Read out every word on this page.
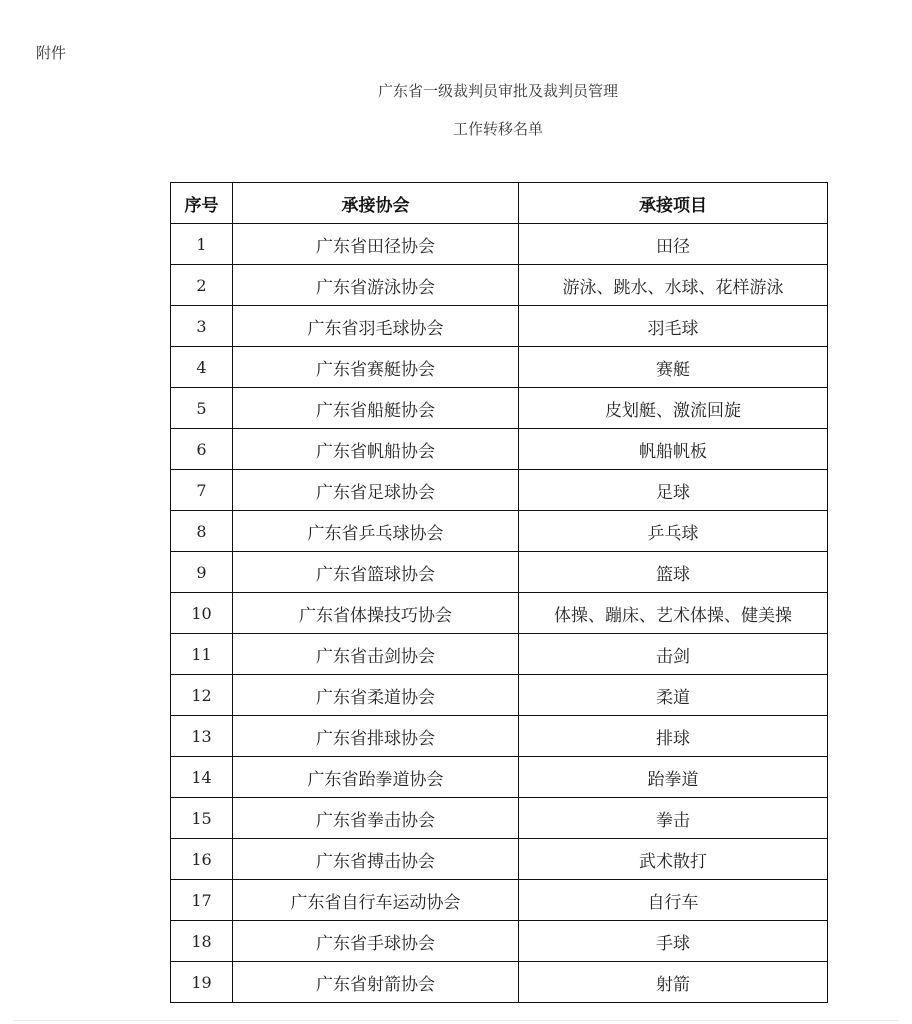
附件
广东省一级裁判员审批及裁判员管理
工作转移名单
序号	承接协会	承接项目
1	广东省田径协会	田径
2	广东省游泳协会	游泳、跳水、水球、花样游泳
3	广东省羽毛球协会	羽毛球
4	广东省赛艇协会	赛艇
5	广东省船艇协会	皮划艇、激流回旋
6	广东省帆船协会	帆船帆板
7	广东省足球协会	足球
8	广东省乒乓球协会	乒乓球
9	广东省篮球协会	篮球
10	广东省体操技巧协会	体操、蹦床、艺术体操、健美操
11	广东省击剑协会	击剑
12	广东省柔道协会	柔道
13	广东省排球协会	排球
14	广东省跆拳道协会	跆拳道
15	广东省拳击协会	拳击
16	广东省搏击协会	武术散打
17	广东省自行车运动协会	自行车
18	广东省手球协会	手球
19	广东省射箭协会	射箭
